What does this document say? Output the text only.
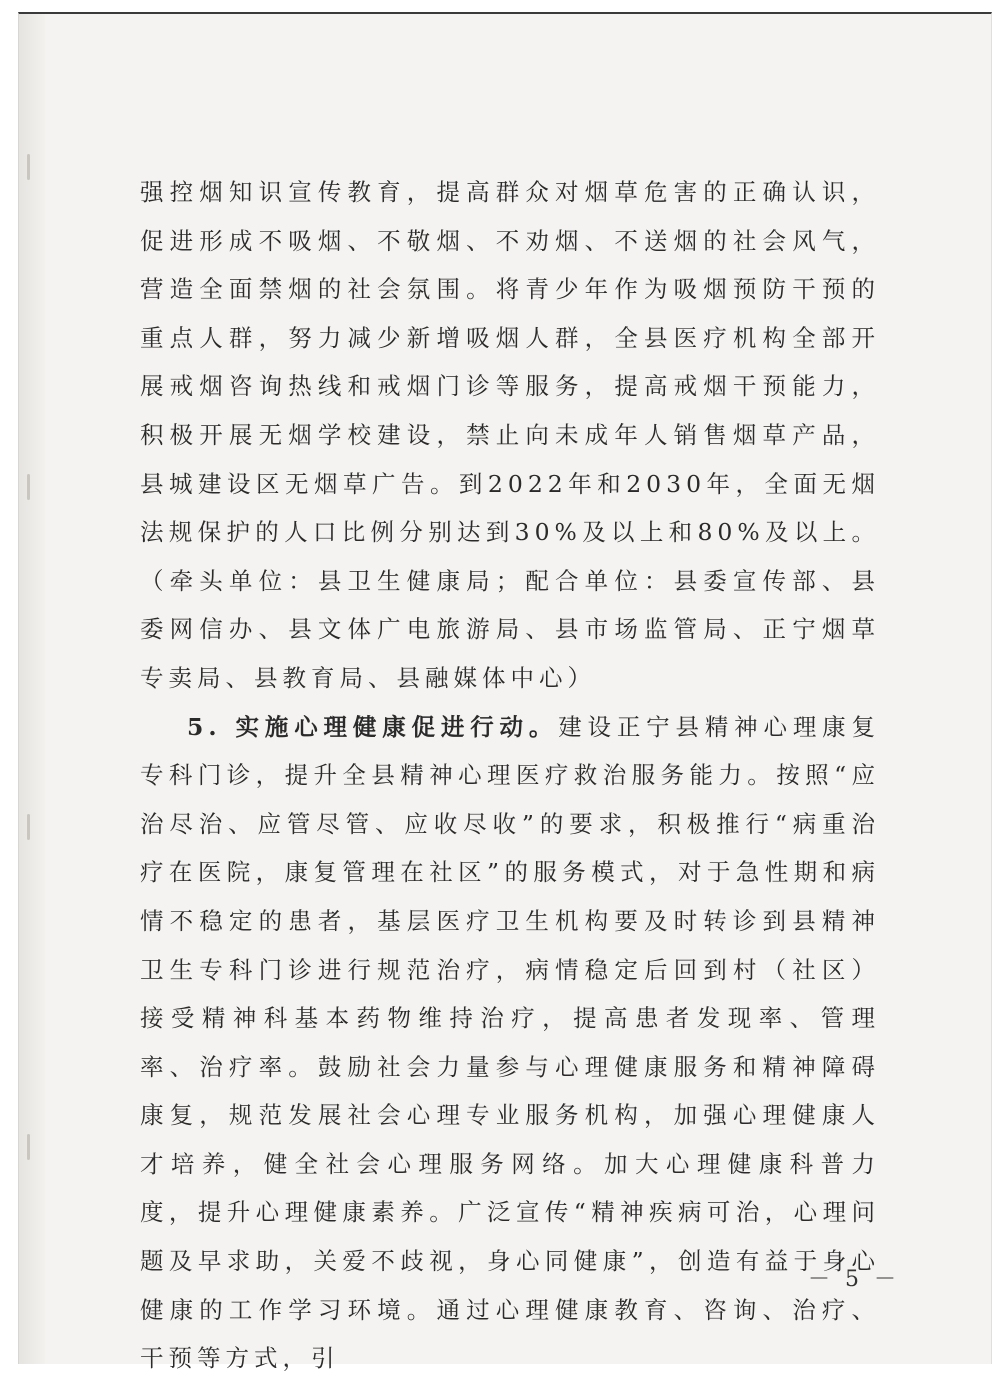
强控烟知识宣传教育，提高群众对烟草危害的正确认识，促进形成不吸烟、不敬烟、不劝烟、不送烟的社会风气，营造全面禁烟的社会氛围。将青少年作为吸烟预防干预的重点人群，努力减少新增吸烟人群，全县医疗机构全部开展戒烟咨询热线和戒烟门诊等服务，提高戒烟干预能力，积极开展无烟学校建设，禁止向未成年人销售烟草产品，县城建设区无烟草广告。到2022年和2030年，全面无烟法规保护的人口比例分别达到30%及以上和80%及以上。（牵头单位：县卫生健康局；配合单位：县委宣传部、县委网信办、县文体广电旅游局、县市场监管局、正宁烟草专卖局、县教育局、县融媒体中心）

5. 实施心理健康促进行动。建设正宁县精神心理康复专科门诊，提升全县精神心理医疗救治服务能力。按照“应治尽治、应管尽管、应收尽收”的要求，积极推行“病重治疗在医院，康复管理在社区”的服务模式，对于急性期和病情不稳定的患者，基层医疗卫生机构要及时转诊到县精神卫生专科门诊进行规范治疗，病情稳定后回到村（社区）接受精神科基本药物维持治疗，提高患者发现率、管理率、治疗率。鼓励社会力量参与心理健康服务和精神障碍康复，规范发展社会心理专业服务机构，加强心理健康人才培养，健全社会心理服务网络。加大心理健康科普力度，提升心理健康素养。广泛宣传“精神疾病可治，心理问题及早求助，关爱不歧视，身心同健康”，创造有益于身心健康的工作学习环境。通过心理健康教育、咨询、治疗、干预等方式，引

－ 5 －
